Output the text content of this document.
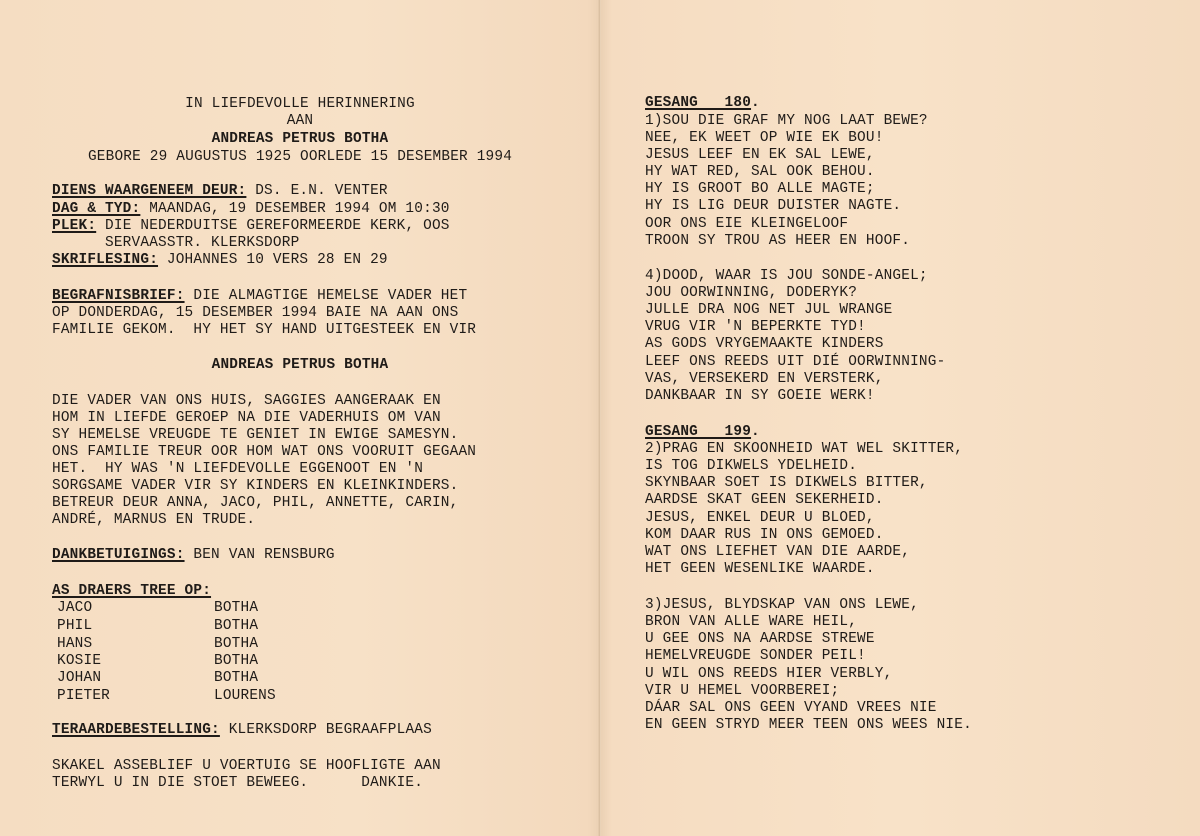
IN LIEFDEVOLLE HERINNERING
AAN
ANDREAS PETRUS BOTHA
GEBORE 29 AUGUSTUS 1925 OORLEDE 15 DESEMBER 1994
DIENS WAARGENEEM DEUR: DS. E.N. VENTER
DAG & TYD: MAANDAG, 19 DESEMBER 1994 OM 10:30
PLEK: DIE NEDERDUITSE GEREFORMEERDE KERK, OOS
SERVAASSTR. KLERKSDORP
SKRIFLESING: JOHANNES 10 VERS 28 EN 29
BEGRAFNISBRIEF: DIE ALMAGTIGE HEMELSE VADER HET
OP DONDERDAG, 15 DESEMBER 1994 BAIE NA AAN ONS
FAMILIE GEKOM.  HY HET SY HAND UITGESTEEK EN VIR
ANDREAS PETRUS BOTHA
DIE VADER VAN ONS HUIS, SAGGIES AANGERAAK EN
HOM IN LIEFDE GEROEP NA DIE VADERHUIS OM VAN
SY HEMELSE VREUGDE TE GENIET IN EWIGE SAMESYN.
ONS FAMILIE TREUR OOR HOM WAT ONS VOORUIT GEGAAN
HET.  HY WAS 'N LIEFDEVOLLE EGGENOOT EN 'N
SORGSAME VADER VIR SY KINDERS EN KLEINKINDERS.
BETREUR DEUR ANNA, JACO, PHIL, ANNETTE, CARIN,
ANDRÉ, MARNUS EN TRUDE.
DANKBETUIGINGS: BEN VAN RENSBURG
AS DRAERS TREE OP:
JACO	BOTHA
PHIL	BOTHA
HANS	BOTHA
KOSIE	BOTHA
JOHAN	BOTHA
PIETER	LOURENS
TERAARDEBESTELLING: KLERKSDORP BEGRAAFPLAAS
SKAKEL ASSEBLIEF U VOERTUIG SE HOOFLIGTE AAN
TERWYL U IN DIE STOET BEWEEG.      DANKIE.
GESANG   180.
1)SOU DIE GRAF MY NOG LAAT BEWE?
NEE, EK WEET OP WIE EK BOU!
JESUS LEEF EN EK SAL LEWE,
HY WAT RED, SAL OOK BEHOU.
HY IS GROOT BO ALLE MAGTE;
HY IS LIG DEUR DUISTER NAGTE.
OOR ONS EIE KLEINGELOOF
TROON SY TROU AS HEER EN HOOF.
4)DOOD, WAAR IS JOU SONDE-ANGEL;
JOU OORWINNING, DODERYK?
JULLE DRA NOG NET JUL WRANGE
VRUG VIR 'N BEPERKTE TYD!
AS GODS VRYGEMAAKTE KINDERS
LEEF ONS REEDS UIT DIÉ OORWINNING-
VAS, VERSEKERD EN VERSTERK,
DANKBAAR IN SY GOEIE WERK!
GESANG   199.
2)PRAG EN SKOONHEID WAT WEL SKITTER,
IS TOG DIKWELS YDELHEID.
SKYNBAAR SOET IS DIKWELS BITTER,
AARDSE SKAT GEEN SEKERHEID.
JESUS, ENKEL DEUR U BLOED,
KOM DAAR RUS IN ONS GEMOED.
WAT ONS LIEFHET VAN DIE AARDE,
HET GEEN WESENLIKE WAARDE.
3)JESUS, BLYDSKAP VAN ONS LEWE,
BRON VAN ALLE WARE HEIL,
U GEE ONS NA AARDSE STREWE
HEMELVREUGDE SONDER PEIL!
U WIL ONS REEDS HIER VERBLY,
VIR U HEMEL VOORBEREI;
DÁAR SAL ONS GEEN VYAND VREES NIE
EN GEEN STRYD MEER TEEN ONS WEES NIE.
